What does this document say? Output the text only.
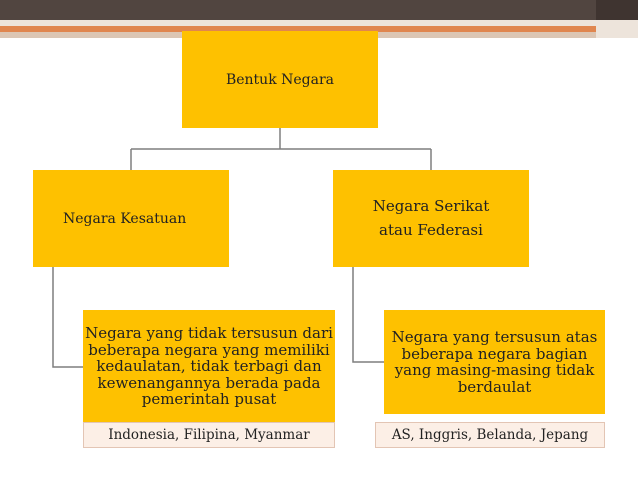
Bentuk Negara
Negara Kesatuan
Negara yang tidak tersusun dari
beberapa negara yang memiliki
kedaulatan, tidak terbagi dan
kewenangannya berada pada
pemerintah pusat
Indonesia, Filipina, Myanmar
Negara Serikat
atau Federasi
Negara yang tersusun atas
beberapa negara bagian
yang masing-masing tidak
berdaulat
AS, Inggris, Belanda, Jepang
